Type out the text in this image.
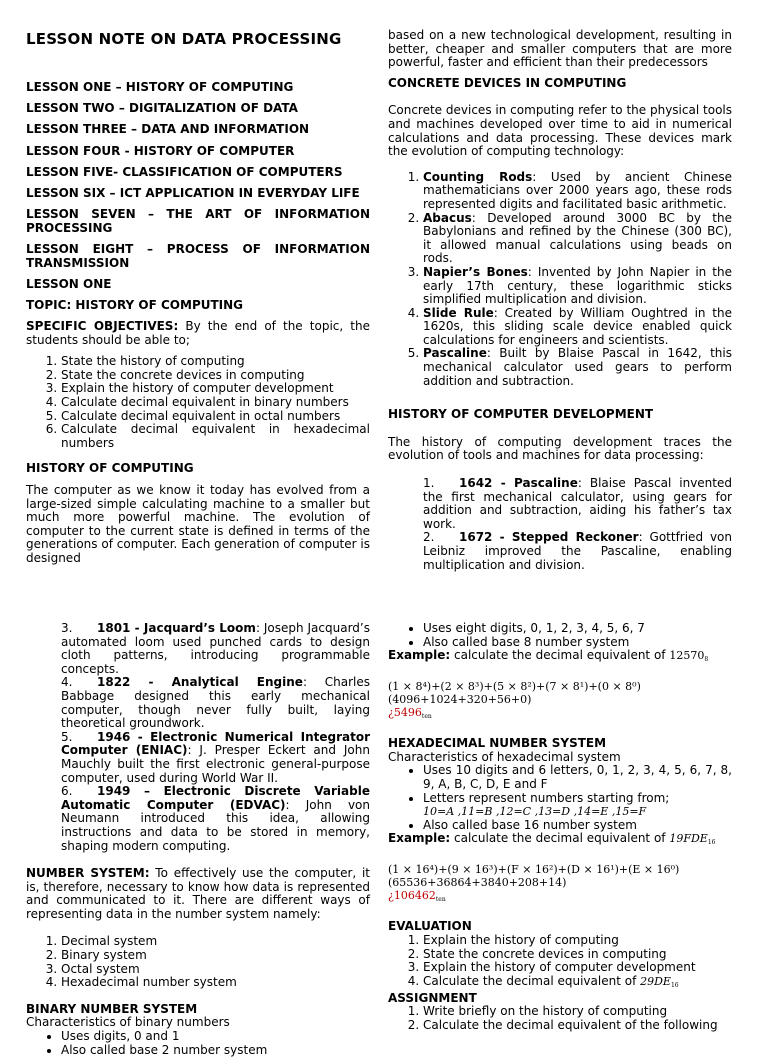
LESSON NOTE ON DATA PROCESSING

LESSON ONE – HISTORY OF COMPUTING

LESSON TWO – DIGITALIZATION OF DATA

LESSON THREE – DATA AND INFORMATION

LESSON FOUR - HISTORY OF COMPUTER

LESSON FIVE- CLASSIFICATION OF COMPUTERS

LESSON SIX – ICT APPLICATION IN EVERYDAY LIFE

LESSON SEVEN – THE ART OF INFORMATION PROCESSING

LESSON EIGHT – PROCESS OF INFORMATION TRANSMISSION

LESSON ONE

TOPIC: HISTORY OF COMPUTING

SPECIFIC OBJECTIVES: By the end of the topic, the students should be able to;

1. State the history of computing
2. State the concrete devices in computing
3. Explain the history of computer development
4. Calculate decimal equivalent in binary numbers
5. Calculate decimal equivalent in octal numbers
6. Calculate decimal equivalent in hexadecimal numbers

HISTORY OF COMPUTING

The computer as we know it today has evolved from a large-sized simple calculating machine to a smaller but much more powerful machine. The evolution of computer to the current state is defined in terms of the generations of computer. Each generation of computer is designed

based on a new technological development, resulting in better, cheaper and smaller computers that are more powerful, faster and efficient than their predecessors

CONCRETE DEVICES IN COMPUTING

Concrete devices in computing refer to the physical tools and machines developed over time to aid in numerical calculations and data processing. These devices mark the evolution of computing technology:

1. Counting Rods: Used by ancient Chinese mathematicians over 2000 years ago, these rods represented digits and facilitated basic arithmetic.
2. Abacus: Developed around 3000 BC by the Babylonians and refined by the Chinese (300 BC), it allowed manual calculations using beads on rods.
3. Napier’s Bones: Invented by John Napier in the early 17th century, these logarithmic sticks simplified multiplication and division.
4. Slide Rule: Created by William Oughtred in the 1620s, this sliding scale device enabled quick calculations for engineers and scientists.
5. Pascaline: Built by Blaise Pascal in 1642, this mechanical calculator used gears to perform addition and subtraction.

HISTORY OF COMPUTER DEVELOPMENT

The history of computing development traces the evolution of tools and machines for data processing:

1. 1642 - Pascaline: Blaise Pascal invented the first mechanical calculator, using gears for addition and subtraction, aiding his father’s tax work.

2. 1672 - Stepped Reckoner: Gottfried von Leibniz improved the Pascaline, enabling multiplication and division.

3. 1801 - Jacquard’s Loom: Joseph Jacquard’s automated loom used punched cards to design cloth patterns, introducing programmable concepts.

4. 1822 - Analytical Engine: Charles Babbage designed this early mechanical computer, though never fully built, laying theoretical groundwork.

5. 1946 - Electronic Numerical Integrator Computer (ENIAC): J. Presper Eckert and John Mauchly built the first electronic general-purpose computer, used during World War II.

6. 1949 – Electronic Discrete Variable Automatic Computer (EDVAC): John von Neumann introduced this idea, allowing instructions and data to be stored in memory, shaping modern computing.

NUMBER SYSTEM: To effectively use the computer, it is, therefore, necessary to know how data is represented and communicated to it. There are different ways of representing data in the number system namely:

1. Decimal system
2. Binary system
3. Octal system
4. Hexadecimal number system

BINARY NUMBER SYSTEM

Characteristics of binary numbers

• Uses digits, 0 and 1
• Also called base 2 number system
• Uses eight digits, 0, 1, 2, 3, 4, 5, 6, 7
• Also called base 8 number system

Example: calculate the decimal equivalent of $12570_8$

(1 × 8⁴)+(2 × 8³)+(5 × 8²)+(7 × 8¹)+(0 × 8⁰)

(4096+1024+320+56+0)

¿$5496_{ten}$

HEXADECIMAL NUMBER SYSTEM

Characteristics of hexadecimal system

• Uses 10 digits and 6 letters, 0, 1, 2, 3, 4, 5, 6, 7, 8, 9, A, B, C, D, E and F
• Letters represent numbers starting from;
10=A ,11=B ,12=C ,13=D ,14=E ,15=F
• Also called base 16 number system

Example: calculate the decimal equivalent of $19FDE_{16}$

(1 × 16⁴)+(9 × 16³)+(F × 16²)+(D × 16¹)+(E × 16⁰)

(65536+36864+3840+208+14)

¿$106462_{ten}$

EVALUATION

1. Explain the history of computing
2. State the concrete devices in computing
3. Explain the history of computer development
4. Calculate the decimal equivalent of $29DE_{16}$

ASSIGNMENT

1. Write briefly on the history of computing
2. Calculate the decimal equivalent of the following
